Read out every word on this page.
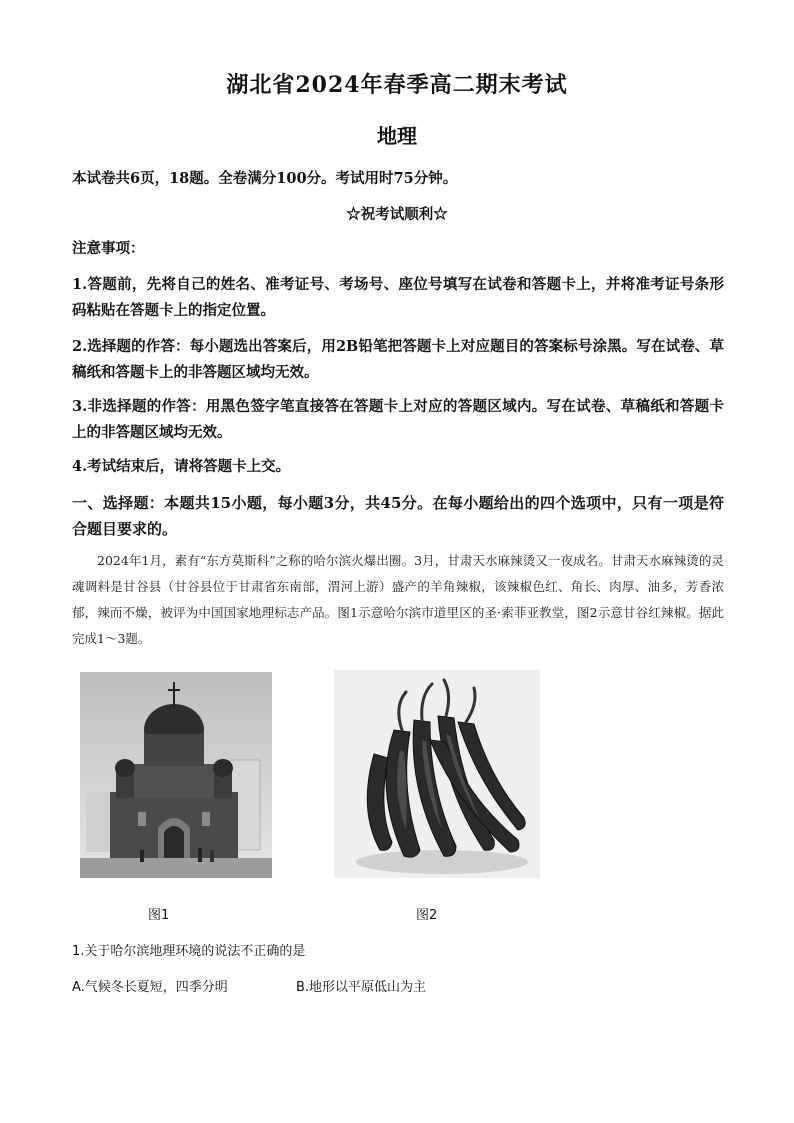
湖北省2024年春季高二期末考试
地理
本试卷共6页，18题。全卷满分100分。考试用时75分钟。
☆祝考试顺利☆
注意事项：
1.答题前，先将自己的姓名、准考证号、考场号、座位号填写在试卷和答题卡上，并将准考证号条形码粘贴在答题卡上的指定位置。
2.选择题的作答：每小题选出答案后，用2B铅笔把答题卡上对应题目的答案标号涂黑。写在试卷、草稿纸和答题卡上的非答题区域均无效。
3.非选择题的作答：用黑色签字笔直接答在答题卡上对应的答题区域内。写在试卷、草稿纸和答题卡上的非答题区域均无效。
4.考试结束后，请将答题卡上交。
一、选择题：本题共15小题，每小题3分，共45分。在每小题给出的四个选项中，只有一项是符合题目要求的。
2024年1月，素有“东方莫斯科”之称的哈尔滨火爆出圈。3月，甘肃天水麻辣烫又一夜成名。甘肃天水麻辣烫的灵魂调料是甘谷县（甘谷县位于甘肃省东南部，渭河上游）盛产的羊角辣椒，该辣椒色红、角长、肉厚、油多，芳香浓郁，辣而不燥，被评为中国国家地理标志产品。图1示意哈尔滨市道里区的圣·索菲亚教堂，图2示意甘谷红辣椒。据此完成1～3题。
图1	图2
1.关于哈尔滨地理环境的说法不正确的是
A.气候冬长夏短，四季分明	B.地形以平原低山为主
